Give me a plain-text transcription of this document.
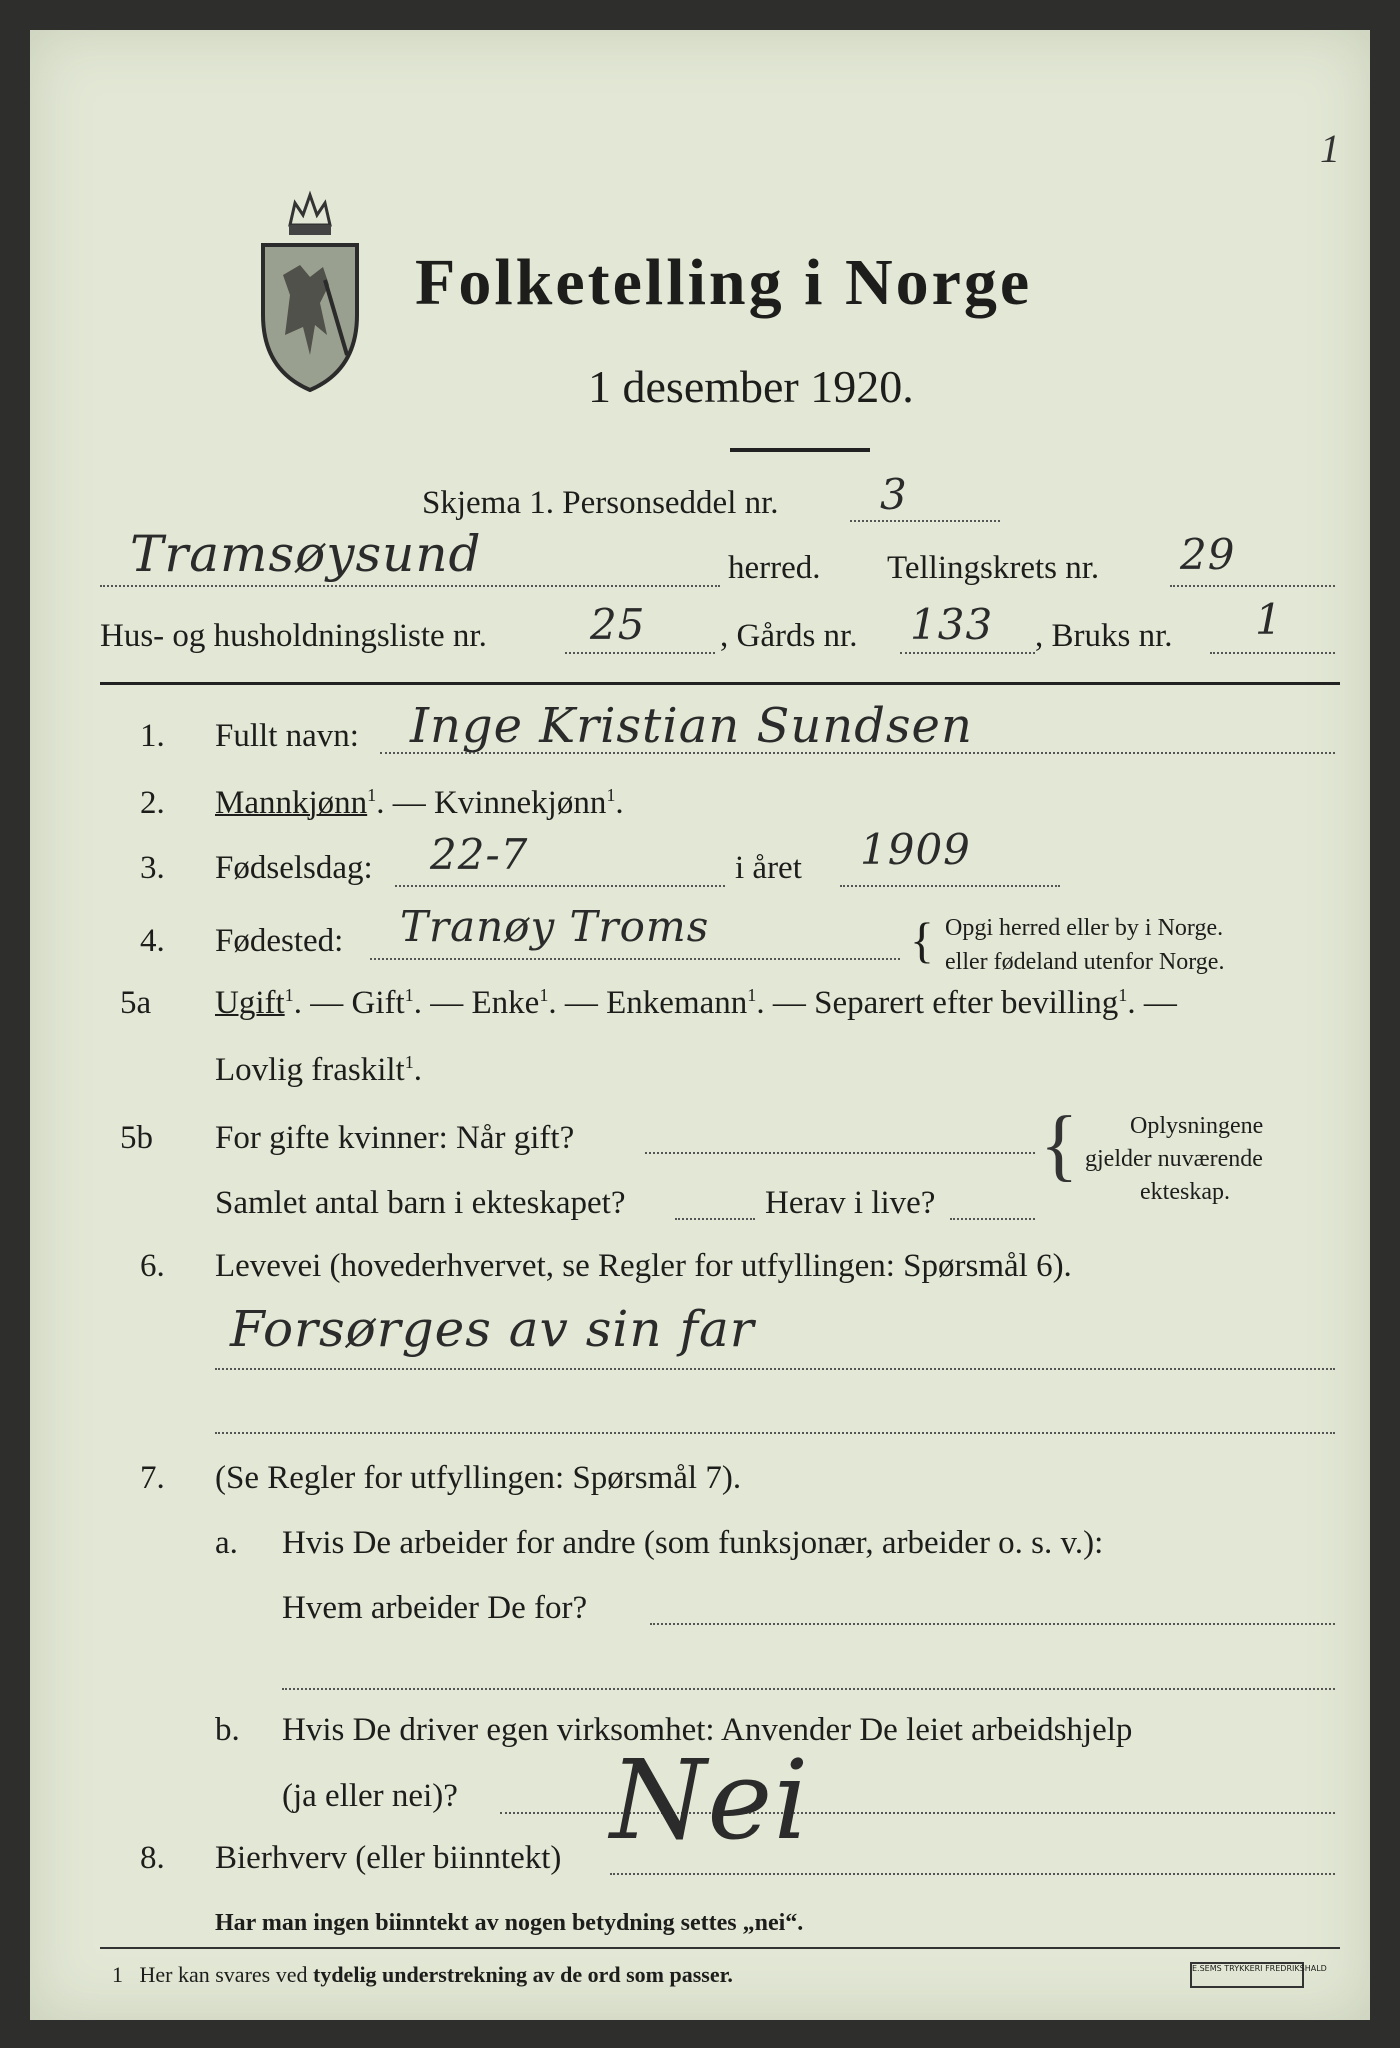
Folketelling i Norge
1 desember 1920.
1
Skjema 1. Personseddel nr. 3
Tramsøysund	herred. Tellingskrets nr. 29
Hus- og husholdningsliste nr. 25 , Gårds nr. 133 , Bruks nr. 1
1. Fullt navn: Inge Kristian Sundsen
2. Mannkjønn$^1$. — Kvinnekjønn$^1$.
3. Fødselsdag: 22-7	i året 1909
4. Fødested: Tranøy Troms	{ Opgi herred eller by i Norge.
eller fødeland utenfor Norge.
5a Ugift$^1$. — Gift$^1$. — Enke$^1$. — Enkemann$^1$. — Separert efter bevilling$^1$. —
Lovlig fraskilt$^1$.
5b For gifte kvinner: Når gift?
Samlet antal barn i ekteskapet?	Herav i live?
{ Oplysningene
gjelder nuværende
ekteskap.
6. Levevei (hovederhvervet, se Regler for utfyllingen: Spørsmål 6).
Forsørges av sin far
7. (Se Regler for utfyllingen: Spørsmål 7).
a. Hvis De arbeider for andre (som funksjonær, arbeider o. s. v.):
Hvem arbeider De for?
b. Hvis De driver egen virksomhet: Anvender De leiet arbeidshjelp
(ja eller nei)? Nei
8. Bierhverv (eller biinntekt)
Har man ingen biinntekt av nogen betydning settes „nei“.
1 Her kan svares ved tydelig understrekning av de ord som passer.	E.SEMS TRYKKERI FREDRIKSHALD
